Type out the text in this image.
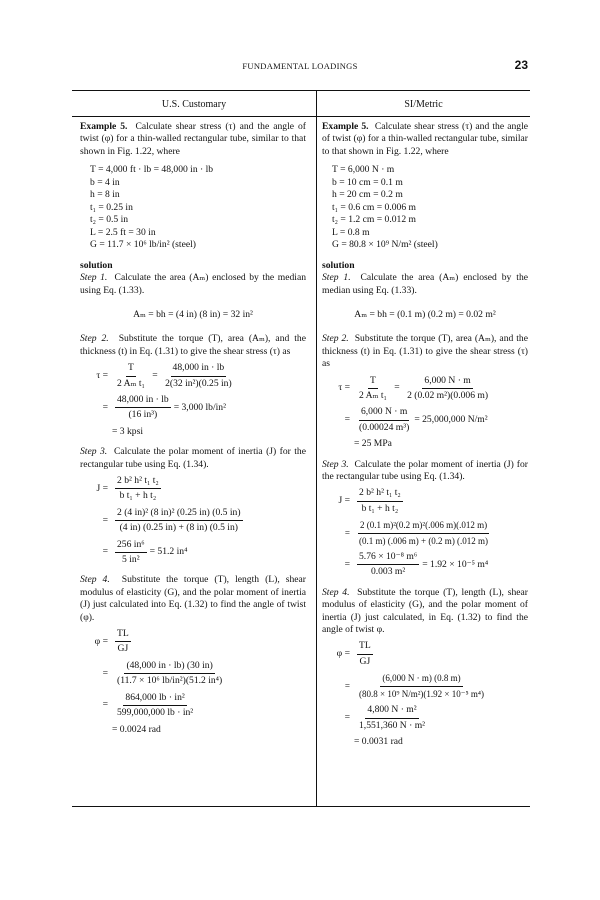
FUNDAMENTAL LOADINGS	23
U.S. Customary	SI/Metric

Example 5. Calculate shear stress (τ) and the angle of twist (φ) for a thin-walled rectangular tube, similar to that shown in Fig. 1.22, where

T = 4,000 ft · lb = 48,000 in · lb
b = 4 in
h = 8 in
t₁ = 0.25 in
t₂ = 0.5 in
L = 2.5 ft = 30 in
G = 11.7 × 10⁶ lb/in² (steel)
solution

Step 1. Calculate the area (Aₘ) enclosed by the median using Eq. (1.33).

Aₘ = bh = (4 in) (8 in) = 32 in²

Step 2. Substitute the torque (T), area (Aₘ), and the thickness (t) in Eq. (1.31) to give the shear stress (τ) as

$\tau = \frac{T}{\text{2 Aₘ t₁}} = \frac{48,000 in \cdot lb}{\text{2(32 in²)(0.25 in)}}$
= $\frac{48,000 in \cdot lb}{\text{(16 in³)}} = 3,000$ lb/in²
= 3 kpsi

Step 3. Calculate the polar moment of inertia (J) for the rectangular tube using Eq. (1.34).

$J = \frac{\text{2 b² h² t₁ t₂}}{\text{b t₁ + h t₂}}$
= $\frac{\text{2 (4 in)² (8 in)² (0.25 in) (0.5 in)}}{(4 in) (0.25 in) + (8 in) (0.5 in)}$
= $\frac{\text{256 in⁶}}{\text{5 in²}} = 51.2$ in⁴

Step 4. Substitute the torque (T), length (L), shear modulus of elasticity (G), and the polar moment of inertia (J) just calculated into Eq. (1.32) to find the angle of twist (φ).

$\varphi = \frac{TL}{GJ}$
= $\frac{(48,000 in \cdot lb) (30 in)}{\text{(11.7 × 10⁶ lb/in²)(51.2 in⁴)}}$
= $\frac{\text{864,000 lb · in²}}{\text{599,000,000 lb · in²}}$
= 0.0024 rad

Example 5. Calculate shear stress (τ) and the angle of twist (φ) for a thin-walled rectangular tube, similar to that shown in Fig. 1.22, where

T = 6,000 N · m
b = 10 cm = 0.1 m
h = 20 cm = 0.2 m
t₁ = 0.6 cm = 0.006 m
t₂ = 1.2 cm = 0.012 m
L = 0.8 m
G = 80.8 × 10⁹ N/m² (steel)
solution

Step 1. Calculate the area (Aₘ) enclosed by the median using Eq. (1.33).

Aₘ = bh = (0.1 m) (0.2 m) = 0.02 m²

Step 2. Substitute the torque (T), area (Aₘ), and the thickness (t) in Eq. (1.31) to give the shear stress (τ) as

$\tau = \frac{T}{\text{2 Aₘ t₁}} = \frac{6,000 N \cdot m}{\text{2 (0.02 m²)(0.006 m)}}$
= $\frac{6,000 N \cdot m}{\text{(0.00024 m³)}} = 25,000,000$ N/m²
= 25 MPa

Step 3. Calculate the polar moment of inertia (J) for the rectangular tube using Eq. (1.34).

$J = \frac{\text{2 b² h² t₁ t₂}}{\text{b t₁ + h t₂}}$
= $\frac{\text{2 (0.1 m)²(0.2 m)²(.006 m)(.012 m)}}{(0.1 m) (.006 m) + (0.2 m) (.012 m)}$
= $\frac{\text{5.76 × 10⁻⁸ m⁶}}{\text{0.003 m²}} = 1.92 \times 10^{-5}$ m⁴

Step 4. Substitute the torque (T), length (L), shear modulus of elasticity (G), and the polar moment of inertia (J) just calculated, in Eq. (1.32) to find the angle of twist φ.

$\varphi = \frac{TL}{GJ}$
= $\frac{(6,000 N \cdot m) (0.8 m)}{\text{(80.8 × 10⁹ N/m²)(1.92 × 10⁻⁵ m⁴)}}$
= $\frac{\text{4,800 N · m²}}{\text{1,551,360 N · m²}}$
= 0.0031 rad
